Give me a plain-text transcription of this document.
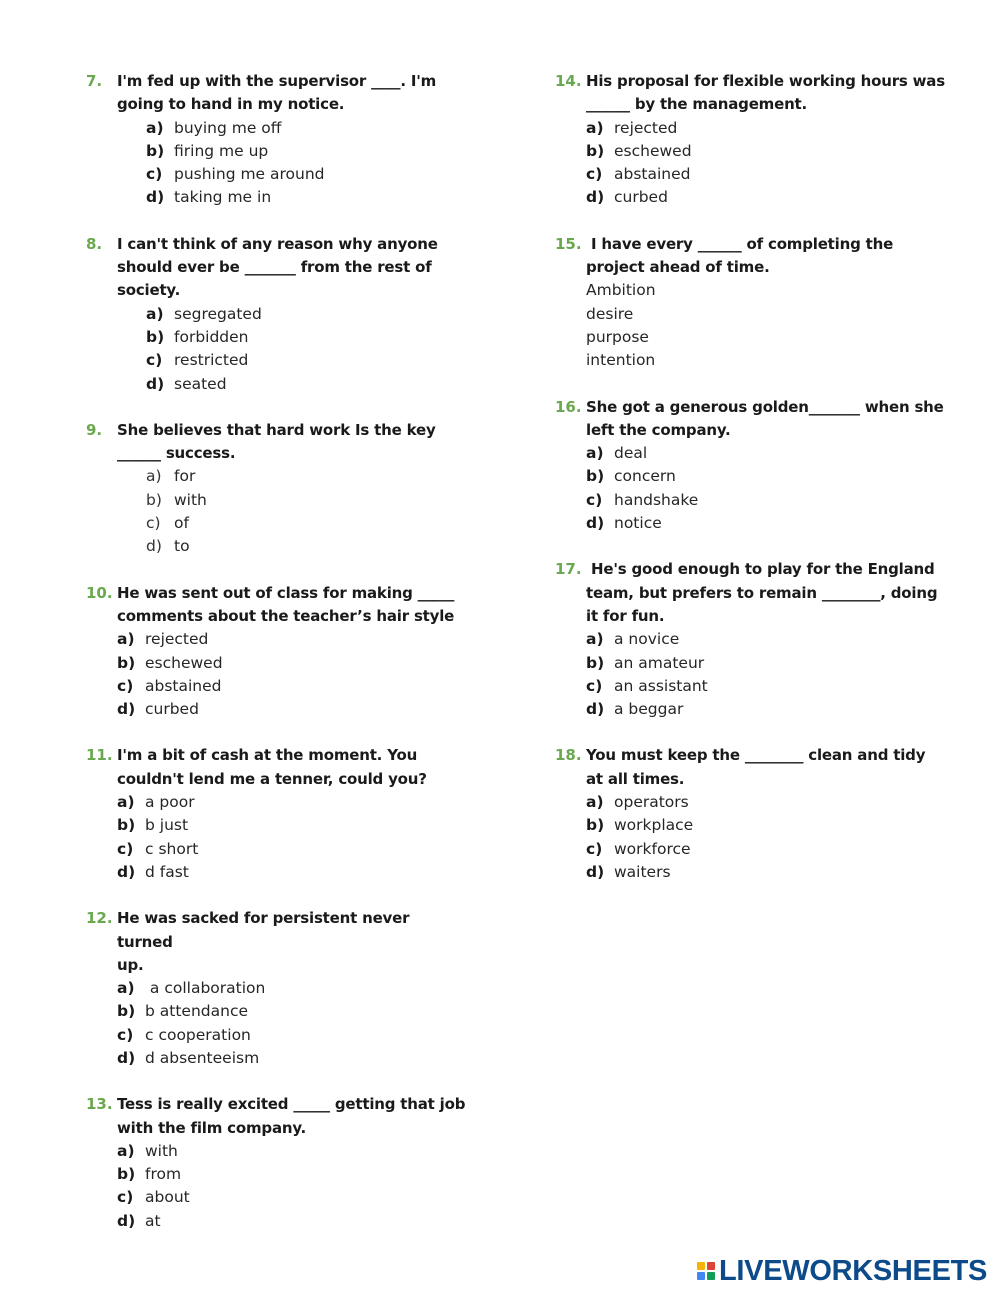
7. I'm fed up with the supervisor ____. I'm
going to hand in my notice.
a) buying me off
b) firing me up
c) pushing me around
d) taking me in
8. I can't think of any reason why anyone
should ever be _______ from the rest of
society.
a) segregated
b) forbidden
c) restricted
d) seated
9. She believes that hard work Is the key
______ success.
a) for
b) with
c) of
d) to
10. He was sent out of class for making _____
comments about the teacher’s hair style
a) rejected
b) eschewed
c) abstained
d) curbed
11. I'm a bit of cash at the moment. You
couldn't lend me a tenner, could you?
a) a poor
b) b just
c) c short
d) d fast
12. He was sacked for persistent never turned
up.
a) a collaboration
b) b attendance
c) c cooperation
d) d absenteeism
13. Tess is really excited _____ getting that job
with the film company.
a) with
b) from
c) about
d) at
14. His proposal for flexible working hours was
______ by the management.
a) rejected
b) eschewed
c) abstained
d) curbed
15. I have every ______ of completing the
project ahead of time.
Ambition
desire
purpose
intention
16. She got a generous golden_______ when she
left the company.
a) deal
b) concern
c) handshake
d) notice
17. He's good enough to play for the England
team, but prefers to remain ________, doing
it for fun.
a) a novice
b) an amateur
c) an assistant
d) a beggar
18. You must keep the ________ clean and tidy
at all times.
a) operators
b) workplace
c) workforce
d) waiters
LIVEWORKSHEETS
